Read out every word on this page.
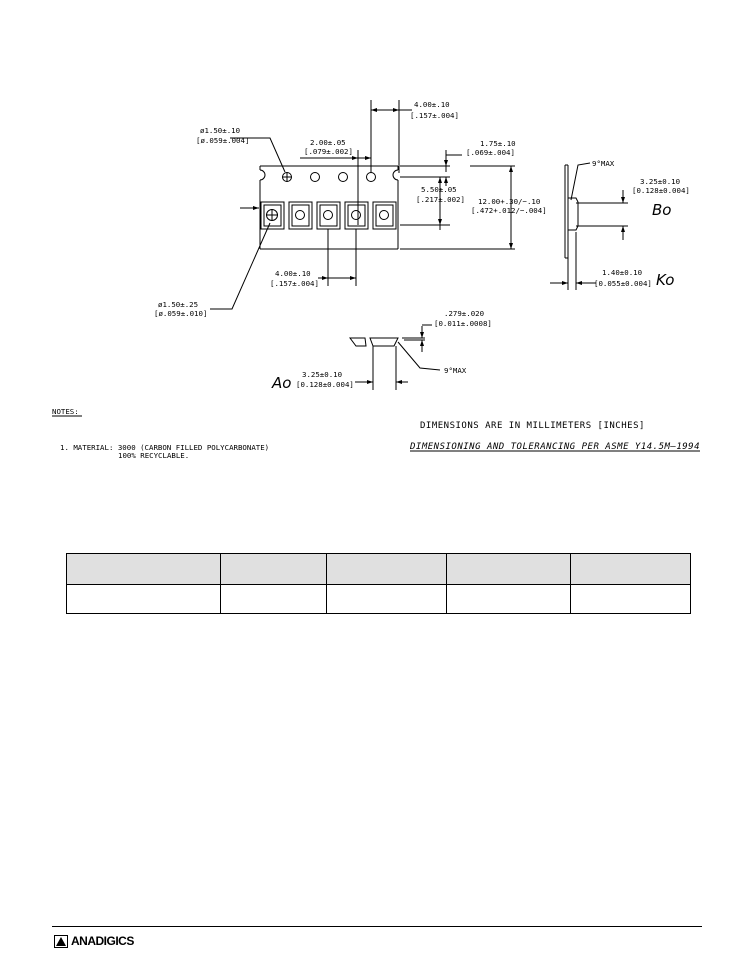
4.00±.10
[.157±.004]
ø1.50±.10
[ø.059±.004]	2.00±.05
[.079±.002]
1.75±.10
[.069±.004]
5.50±.05
[.217±.002] 12.00+.30/−.10
[.472+.012/−.004]
4.00±.10
[.157±.004]
ø1.50±.25
[ø.059±.010]
9°MAX
3.25±0.10
[0.128±0.004]
Bo
1.40±0.10
[0.055±0.004] Ko
.279±.020
[0.011±.0008]
9°MAX
3.25±0.10
[0.128±0.004]
Ao
NOTES:
1. MATERIAL: 3000 (CARBON FILLED POLYCARBONATE)
100% RECYCLABLE.
DIMENSIONS ARE IN MILLIMETERS [INCHES]
DIMENSIONING AND TOLERANCING PER ASME Y14.5M–1994

ANADIGICS
